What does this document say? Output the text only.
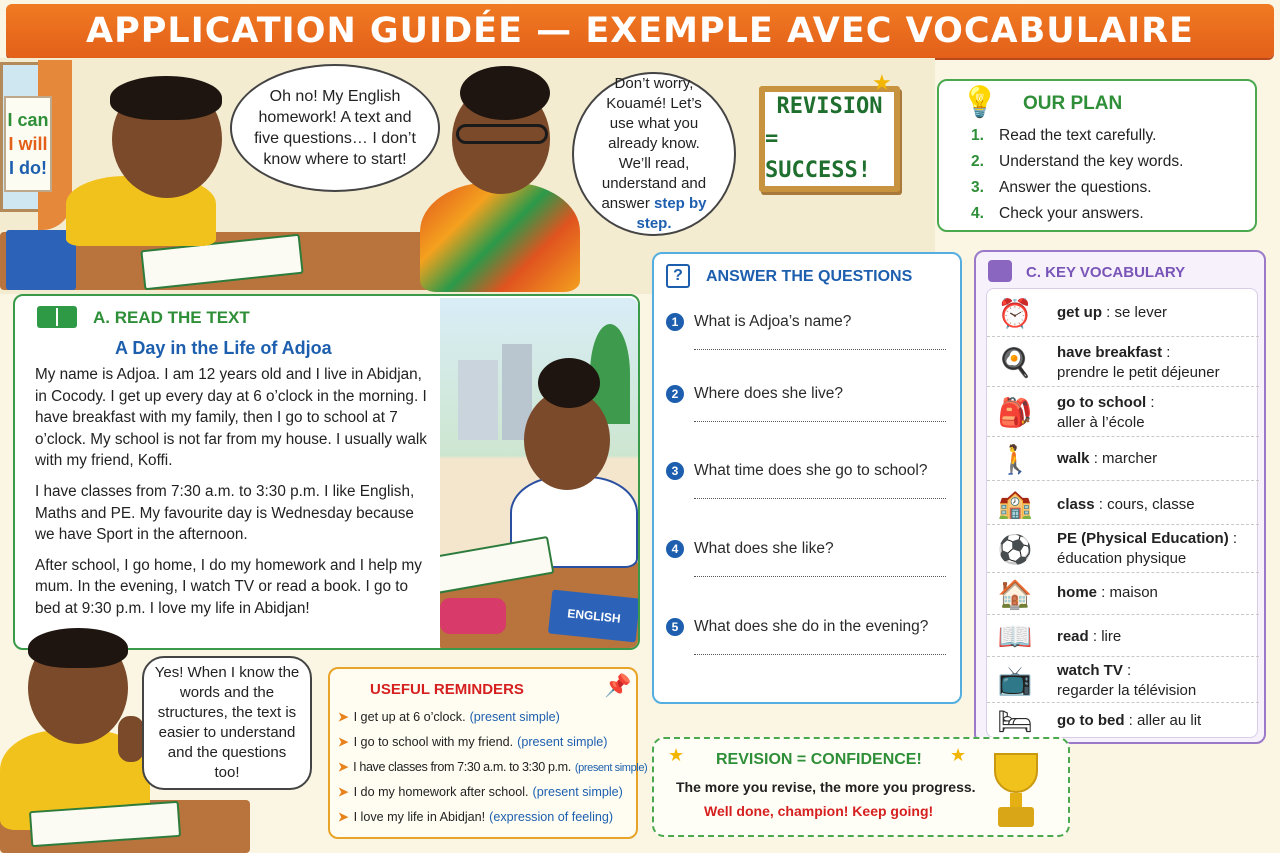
APPLICATION GUIDÉE — EXEMPLE AVEC VOCABULAIRE
I can
I will
I do!
Oh no! My English homework! A text and five questions… I don’t know where to start!
Don’t worry, Kouamé! Let’s use what you already know. We’ll read, understand and answer step by step.
REVISION
= SUCCESS!
★
💡 OUR PLAN
1. Read the text carefully.
2. Understand the key words.
3. Answer the questions.
4. Check your answers.
A. READ THE TEXT
A Day in the Life of Adjoa

My name is Adjoa. I am 12 years old and I live in Abidjan, in Cocody. I get up every day at 6 o’clock in the morning. I have breakfast with my family, then I go to school at 7 o’clock. My school is not far from my house. I usually walk with my friend, Koffi.

I have classes from 7:30 a.m. to 3:30 p.m. I like English, Maths and PE. My favourite day is Wednesday because we have Sport in the afternoon.

After school, I go home, I do my homework and I help my mum. In the evening, I watch TV or read a book. I go to bed at 9:30 p.m. I love my life in Abidjan!	ENGLISH
Yes! When I know the words and the structures, the text is easier to understand and the questions too!
USEFUL REMINDERS	📌
➤ I get up at 6 o’clock. (present simple)
➤ I go to school with my friend. (present simple)
➤ I have classes from 7:30 a.m. to 3:30 p.m. (present simple)
➤ I do my homework after school. (present simple)
➤ I love my life in Abidjan! (expression of feeling)
? ANSWER THE QUESTIONS
1	What is Adjoa’s name?
2	Where does she live?
3	What time does she go to school?
4	What does she like?
5	What does she do in the evening?
C. KEY VOCABULARY
⏰ get up : se lever
🍳 have breakfast :
prendre le petit déjeuner
🎒 go to school :
aller à l’école
🚶 walk : marcher
🏫 class : cours, classe
⚽ PE (Physical Education) :
éducation physique
🏠 home : maison
📖 read : lire
📺 watch TV :
regarder la télévision
🛏 go to bed : aller au lit
★	★
REVISION = CONFIDENCE!
The more you revise, the more you progress.
Well done, champion! Keep going!
